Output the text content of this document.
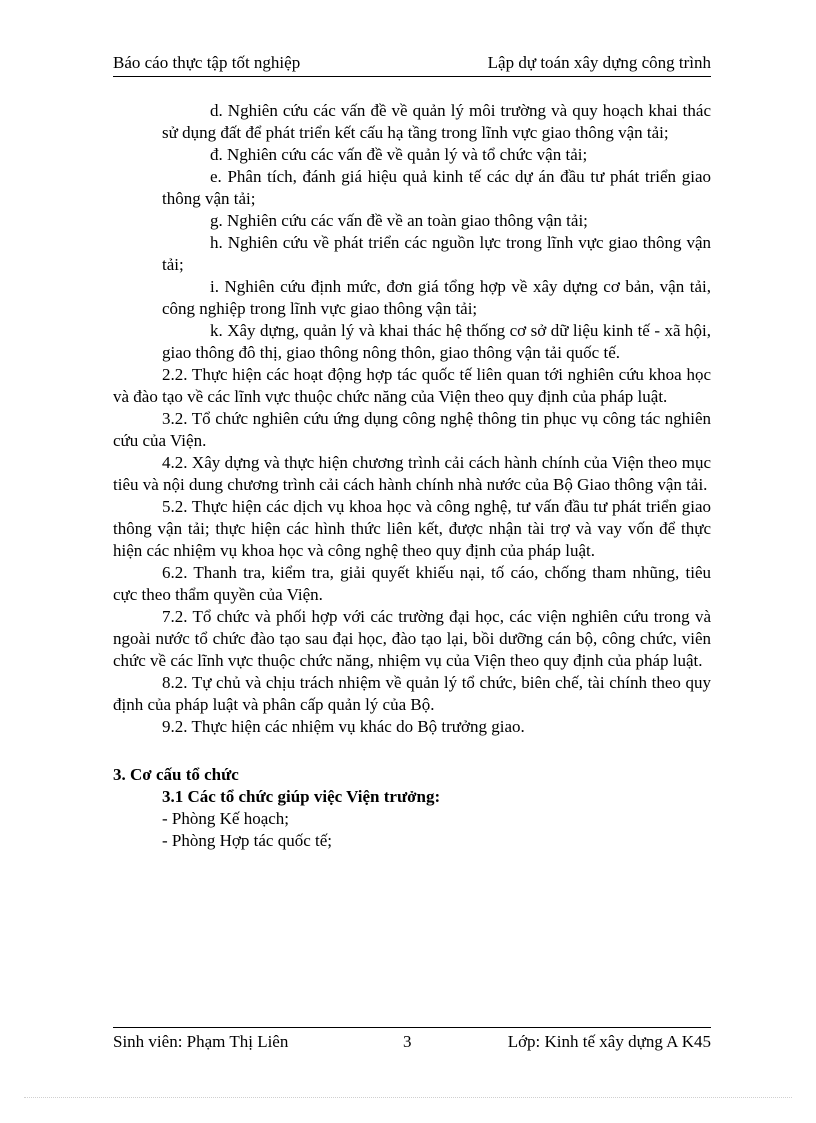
Báo cáo thực tập tốt nghiệp	Lập dự toán xây dựng công trình

d. Nghiên cứu các vấn đề về quản lý môi trường và quy hoạch khai thác sử dụng đất để phát triển kết cấu hạ tầng trong lĩnh vực giao thông vận tải;

đ. Nghiên cứu các vấn đề về quản lý và tổ chức vận tải;

e. Phân tích, đánh giá hiệu quả kinh tế các dự án đầu tư phát triển giao thông vận tải;

g. Nghiên cứu các vấn đề về an toàn giao thông vận tải;

h. Nghiên cứu về phát triển các nguồn lực trong lĩnh vực giao thông vận tải;

i. Nghiên cứu định mức, đơn giá tổng hợp về xây dựng cơ bản, vận tải, công nghiệp trong lĩnh vực giao thông vận tải;

k. Xây dựng, quản lý và khai thác hệ thống cơ sở dữ liệu kinh tế - xã hội, giao thông đô thị, giao thông nông thôn, giao thông vận tải quốc tế.

2.2. Thực hiện các hoạt động hợp tác quốc tế liên quan tới nghiên cứu khoa học và đào tạo về các lĩnh vực thuộc chức năng của Viện theo quy định của pháp luật.

3.2. Tổ chức nghiên cứu ứng dụng công nghệ thông tin phục vụ công tác nghiên cứu của Viện.

4.2. Xây dựng và thực hiện chương trình cải cách hành chính của Viện theo mục tiêu và nội dung chương trình cải cách hành chính nhà nước của Bộ Giao thông vận tải.

5.2. Thực hiện các dịch vụ khoa học và công nghệ, tư vấn đầu tư phát triển giao thông vận tải; thực hiện các hình thức liên kết, được nhận tài trợ và vay vốn để thực hiện các nhiệm vụ khoa học và công nghệ theo quy định của pháp luật.

6.2. Thanh tra, kiểm tra, giải quyết khiếu nại, tố cáo, chống tham nhũng, tiêu cực theo thẩm quyền của Viện.

7.2. Tổ chức và phối hợp với các trường đại học, các viện nghiên cứu trong và ngoài nước tổ chức đào tạo sau đại học, đào tạo lại, bồi dưỡng cán bộ, công chức, viên chức về các lĩnh vực thuộc chức năng, nhiệm vụ của Viện theo quy định của pháp luật.

8.2. Tự chủ và chịu trách nhiệm về quản lý tổ chức, biên chế, tài chính theo quy định của pháp luật và phân cấp quản lý của Bộ.

9.2. Thực hiện các nhiệm vụ khác do Bộ trưởng giao.

3. Cơ cấu tổ chức

3.1 Các tổ chức giúp việc Viện trưởng:

- Phòng Kế hoạch;

- Phòng Hợp tác quốc tế;

Sinh viên: Phạm Thị Liên	3	Lớp: Kinh tế xây dựng A K45
